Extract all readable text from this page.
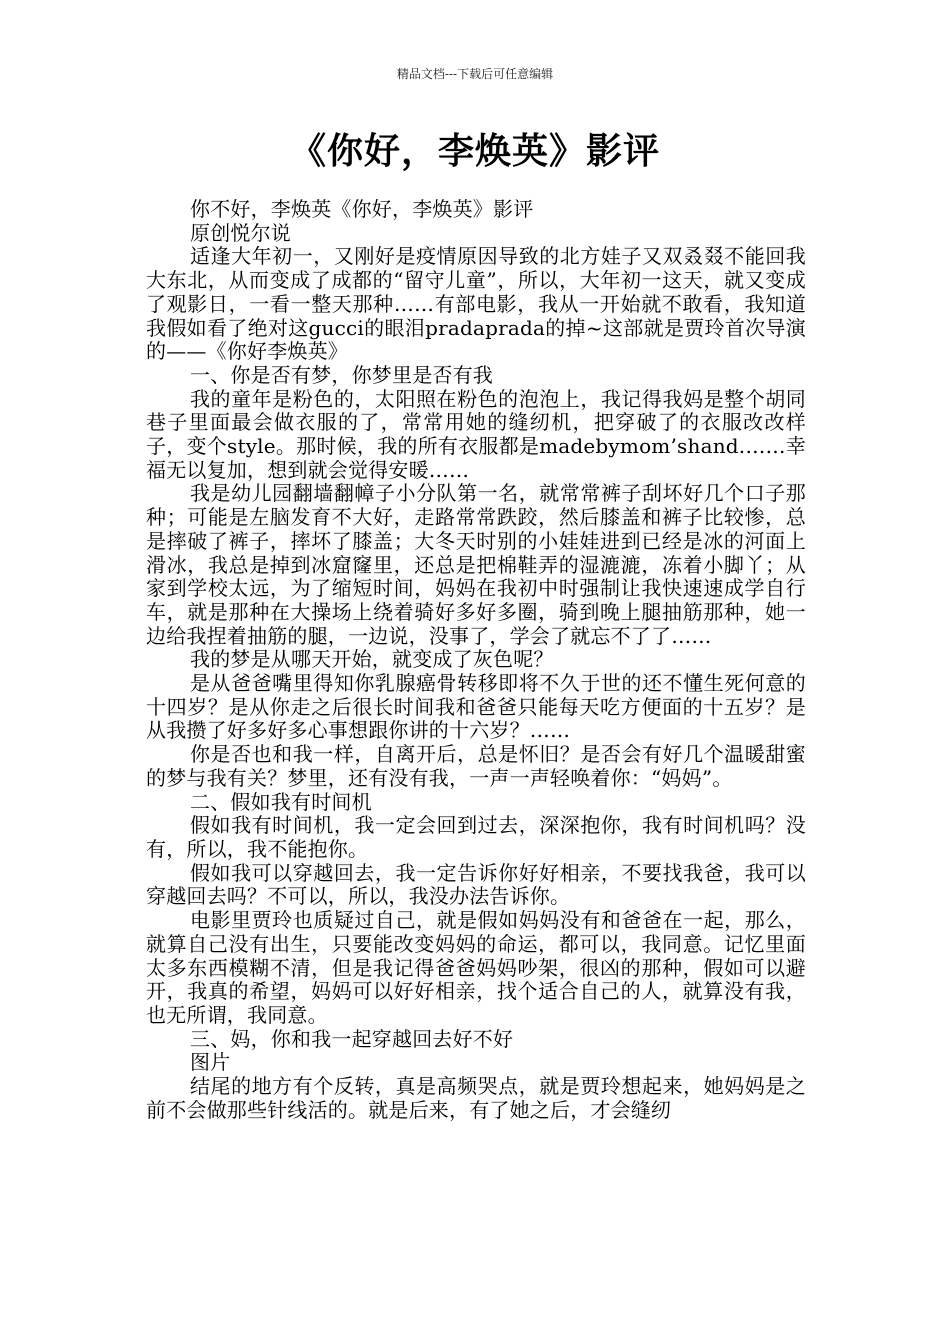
精品文档---下载后可任意编辑
《你好，李焕英》影评

你不好，李焕英《你好，李焕英》影评

原创悦尔说

适逢大年初一，又刚好是疫情原因导致的北方娃子又双叒叕不能回我大东北，从而变成了成都的“留守儿童”，所以，大年初一这天，就又变成了观影日，一看一整天那种……有部电影，我从一开始就不敢看，我知道我假如看了绝对这gucci的眼泪pradaprada的掉~这部就是贾玲首次导演的——《你好李焕英》

一、你是否有梦，你梦里是否有我

我的童年是粉色的，太阳照在粉色的泡泡上，我记得我妈是整个胡同巷子里面最会做衣服的了，常常用她的缝纫机，把穿破了的衣服改改样子，变个style。那时候，我的所有衣服都是madebymom’shand.……幸福无以复加，想到就会觉得安暖……

我是幼儿园翻墙翻幛子小分队第一名，就常常裤子刮坏好几个口子那种；可能是左脑发育不大好，走路常常跌跤，然后膝盖和裤子比较惨，总是摔破了裤子，摔坏了膝盖；大冬天时别的小娃娃进到已经是冰的河面上滑冰，我总是掉到冰窟窿里，还总是把棉鞋弄的湿漉漉，冻着小脚丫；从家到学校太远，为了缩短时间，妈妈在我初中时强制让我快速速成学自行车，就是那种在大操场上绕着骑好多好多圈，骑到晚上腿抽筋那种，她一边给我捏着抽筋的腿，一边说，没事了，学会了就忘不了了……

我的梦是从哪天开始，就变成了灰色呢？

是从爸爸嘴里得知你乳腺癌骨转移即将不久于世的还不懂生死何意的十四岁？是从你走之后很长时间我和爸爸只能每天吃方便面的十五岁？是从我攒了好多好多心事想跟你讲的十六岁？……

你是否也和我一样，自离开后，总是怀旧？是否会有好几个温暖甜蜜的梦与我有关？梦里，还有没有我，一声一声轻唤着你：“妈妈”。

二、假如我有时间机

假如我有时间机，我一定会回到过去，深深抱你，我有时间机吗？没有，所以，我不能抱你。

假如我可以穿越回去，我一定告诉你好好相亲，不要找我爸，我可以穿越回去吗？不可以，所以，我没办法告诉你。

电影里贾玲也质疑过自己，就是假如妈妈没有和爸爸在一起，那么，就算自己没有出生，只要能改变妈妈的命运，都可以，我同意。记忆里面太多东西模糊不清，但是我记得爸爸妈妈吵架，很凶的那种，假如可以避开，我真的希望，妈妈可以好好相亲，找个适合自己的人，就算没有我，也无所谓，我同意。

三、妈，你和我一起穿越回去好不好

图片

结尾的地方有个反转，真是高频哭点，就是贾玲想起来，她妈妈是之前不会做那些针线活的。就是后来，有了她之后，才会缝纫
